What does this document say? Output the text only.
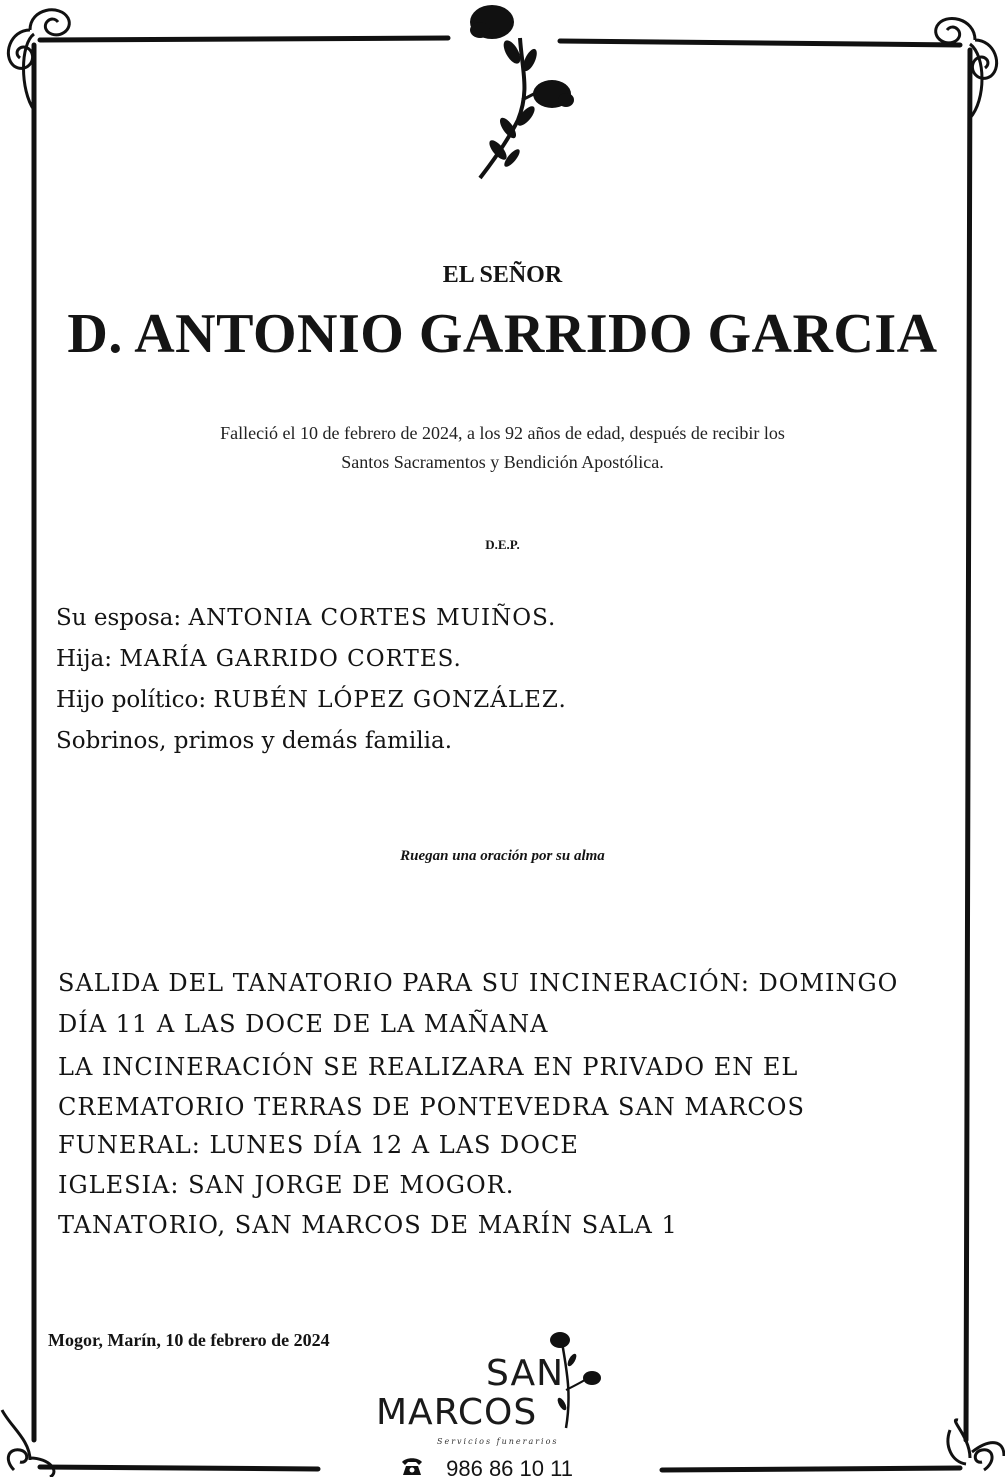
EL SEÑOR

D. ANTONIO GARRIDO GARCIA

Falleció el 10 de febrero de 2024, a los 92 años de edad, después de recibir los

Santos Sacramentos y Bendición Apostólica.

D.E.P.

Su esposa: ANTONIA CORTES MUIÑOS.

Hija: MARÍA GARRIDO CORTES.

Hijo político: RUBÉN LÓPEZ GONZÁLEZ.

Sobrinos, primos y demás familia.

Ruegan una oración por su alma

SALIDA DEL TANATORIO PARA SU INCINERACIÓN: DOMINGO

DÍA 11 A LAS DOCE DE LA MAÑANA

LA INCINERACIÓN SE REALIZARA EN PRIVADO EN EL

CREMATORIO TERRAS DE PONTEVEDRA SAN MARCOS

FUNERAL: LUNES DÍA 12 A LAS DOCE

IGLESIA: SAN JORGE DE MOGOR.

TANATORIO, SAN MARCOS DE MARÍN SALA 1

Mogor, Marín, 10 de febrero de 2024

SAN

MARCOS

Servicios funerarios

986 86 10 11
